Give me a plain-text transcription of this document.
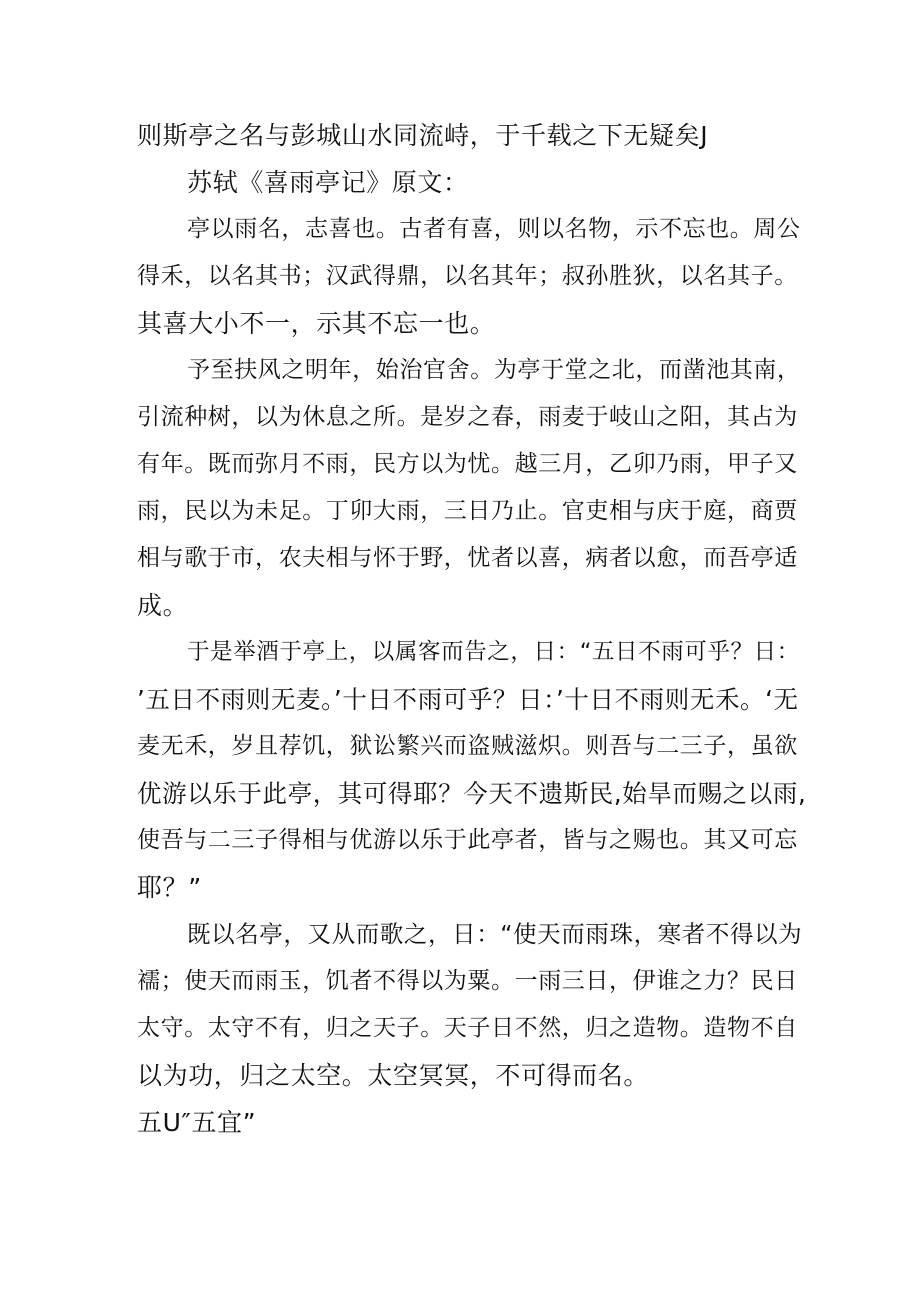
则斯亭之名与彭城山水同流峙，于千载之下无疑矣J
苏轼《喜雨亭记》原文：
亭以雨名，志喜也。古者有喜，则以名物，示不忘也。周公
得禾，以名其书；汉武得鼎，以名其年；叔孙胜狄，以名其子。
其喜大小不一，示其不忘一也。
予至扶风之明年，始治官舍。为亭于堂之北，而凿池其南，
引流种树，以为休息之所。是岁之春，雨麦于岐山之阳，其占为
有年。既而弥月不雨，民方以为忧。越三月，乙卯乃雨，甲子又
雨，民以为未足。丁卯大雨，三日乃止。官吏相与庆于庭，商贾
相与歌于市，农夫相与怀于野，忧者以喜，病者以愈，而吾亭适
成。
于是举酒于亭上，以属客而告之，日：“五日不雨可乎？日：
’五日不雨则无麦。’十日不雨可乎？日：’十日不雨则无禾。‘无
麦无禾，岁且荐饥，狱讼繁兴而盗贼滋炽。则吾与二三子，虽欲
优游以乐于此亭，其可得耶？今天不遗斯民,始旱而赐之以雨,
使吾与二三子得相与优游以乐于此亭者，皆与之赐也。其又可忘
耶？”
既以名亭，又从而歌之，日：“使天而雨珠，寒者不得以为
襦；使天而雨玉，饥者不得以为粟。一雨三日，伊谁之力？民日
太守。太守不有，归之天子。天子日不然，归之造物。造物不自
以为功，归之太空。太空冥冥，不可得而名。
五U″五宜”
